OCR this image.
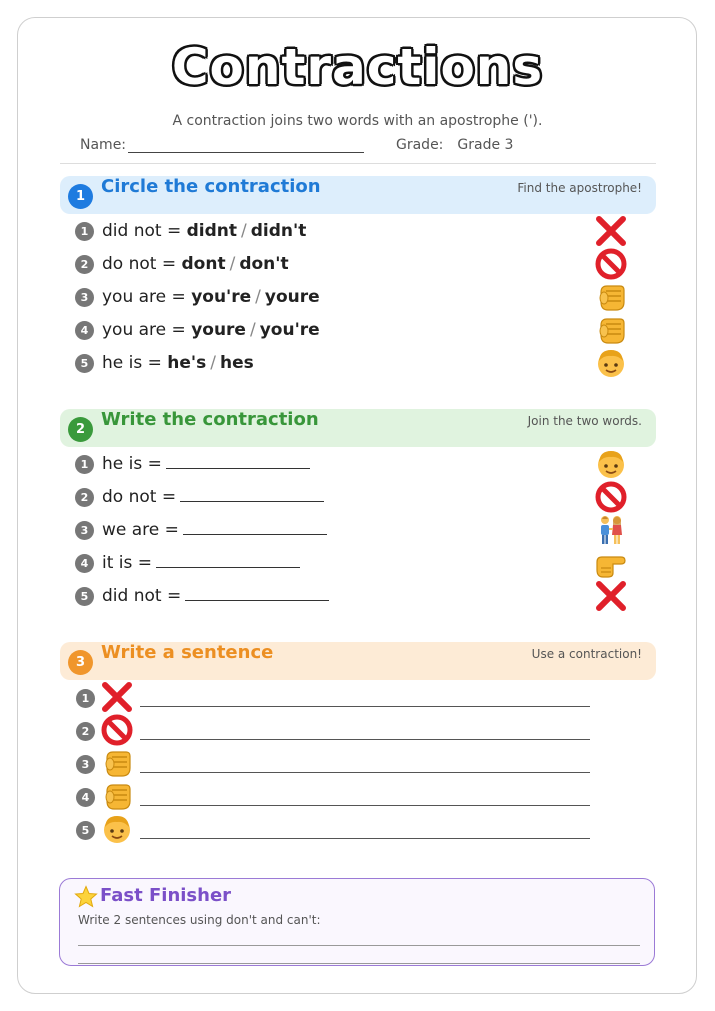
Contractions
A contraction joins two words with an apostrophe (').
Name:	Grade: Grade 3
1 Circle the contraction	Find the apostrophe!
1 did not = didnt / didn't
2 do not = dont / don't
3 you are = you're / youre
4 you are = youre / you're
5 he is = he's / hes
2 Write the contraction	Join the two words.
1 he is =
2 do not =
3 we are =
4 it is =
5 did not =
3 Write a sentence	Use a contraction!
1
2
3
4
5
Fast Finisher
Write 2 sentences using don't and can't:
